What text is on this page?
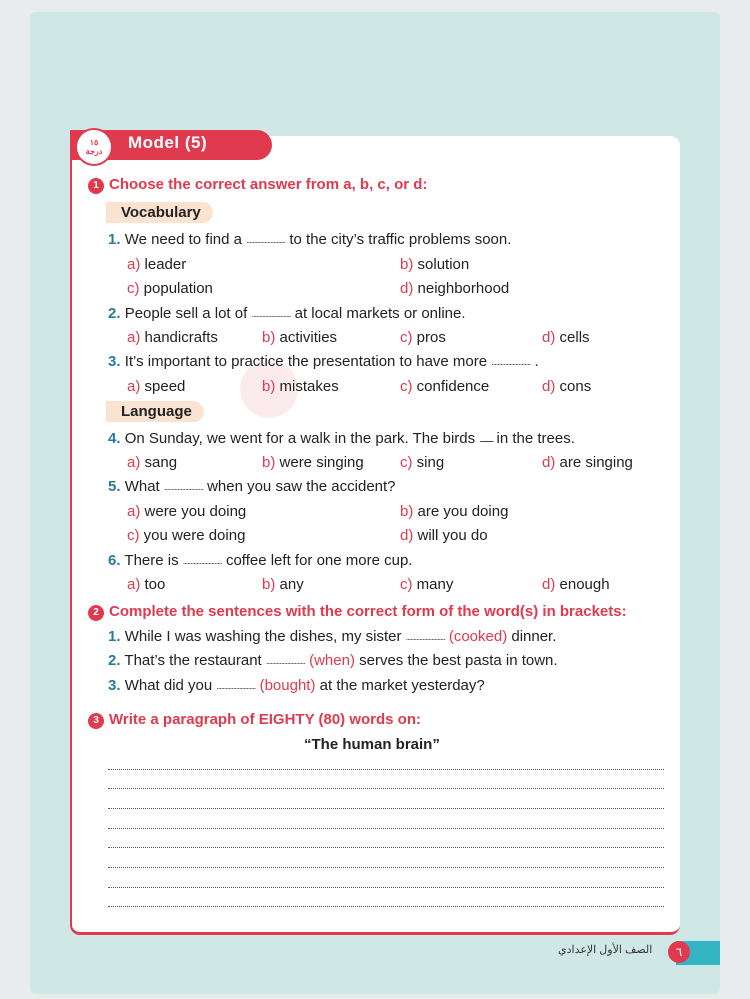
١٥
درجة Model (5)
1 Choose the correct answer from a, b, c, or d:
Vocabulary
1. We need to find a .......................... to the city’s traffic problems soon.
a) leader	b) solution
c) population	d) neighborhood
2. People sell a lot of .......................... at local markets or online.
a) handicrafts	b) activities	c) pros	d) cells
3. It’s important to practice the presentation to have more .......................... .
a) speed	b) mistakes	c) confidence	d) cons
Language
4. On Sunday, we went for a walk in the park. The birds .......................... in the trees.
a) sang	b) were singing c) sing	d) are singing
5. What .......................... when you saw the accident?
a) were you doing	b) are you doing
c) you were doing	d) will you do
6. There is .......................... coffee left for one more cup.
a) too	b) any	c) many	d) enough
2 Complete the sentences with the correct form of the word(s) in brackets:
1. While I was washing the dishes, my sister .......................... (cooked) dinner.
2. That’s the restaurant .......................... (when) serves the best pasta in town.
3. What did you .......................... (bought) at the market yesterday?
3 Write a paragraph of EIGHTY (80) words on:
“The human brain”
الصف الأول الإعدادي	٦
